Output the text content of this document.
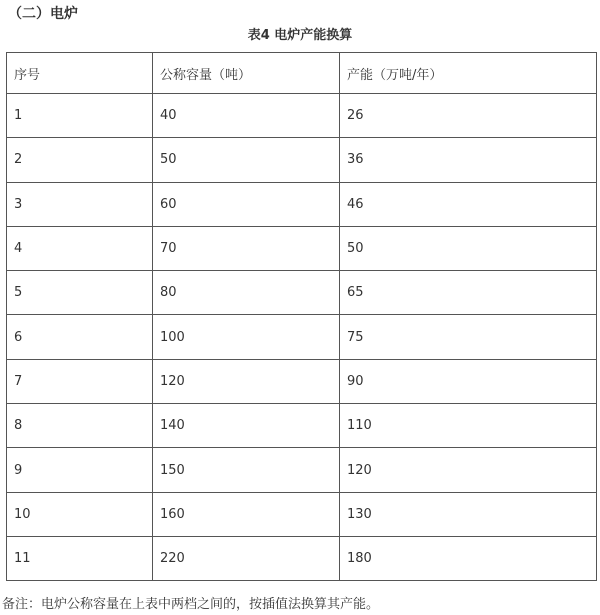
（二）电炉
表4 电炉产能换算
序号	公称容量（吨）	产能（万吨/年）
1	40	26
2	50	36
3	60	46
4	70	50
5	80	65
6	100	75
7	120	90
8	140	110
9	150	120
10	160	130
11	220	180
备注：电炉公称容量在上表中两档之间的，按插值法换算其产能。
